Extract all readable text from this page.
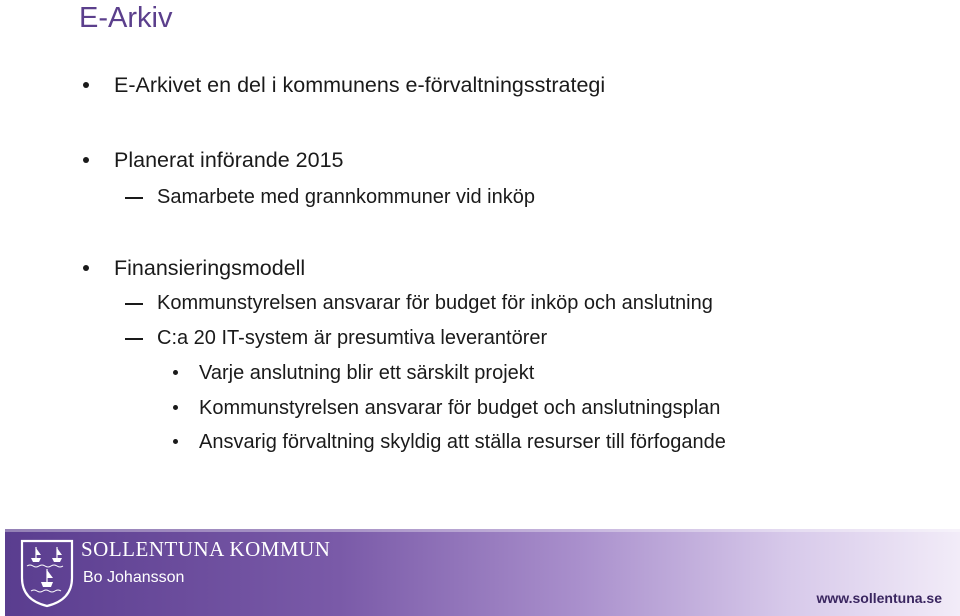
E-Arkiv
E-Arkivet en del i kommunens e-förvaltningsstrategi
Planerat införande 2015
Samarbete med grannkommuner vid inköp
Finansieringsmodell
Kommunstyrelsen ansvarar för budget för inköp och anslutning
C:a 20 IT-system är presumtiva leverantörer
Varje anslutning blir ett särskilt projekt
Kommunstyrelsen ansvarar för budget och anslutningsplan
Ansvarig förvaltning skyldig att ställa resurser till förfogande
SOLLENTUNA KOMMUN
Bo Johansson
www.sollentuna.se
